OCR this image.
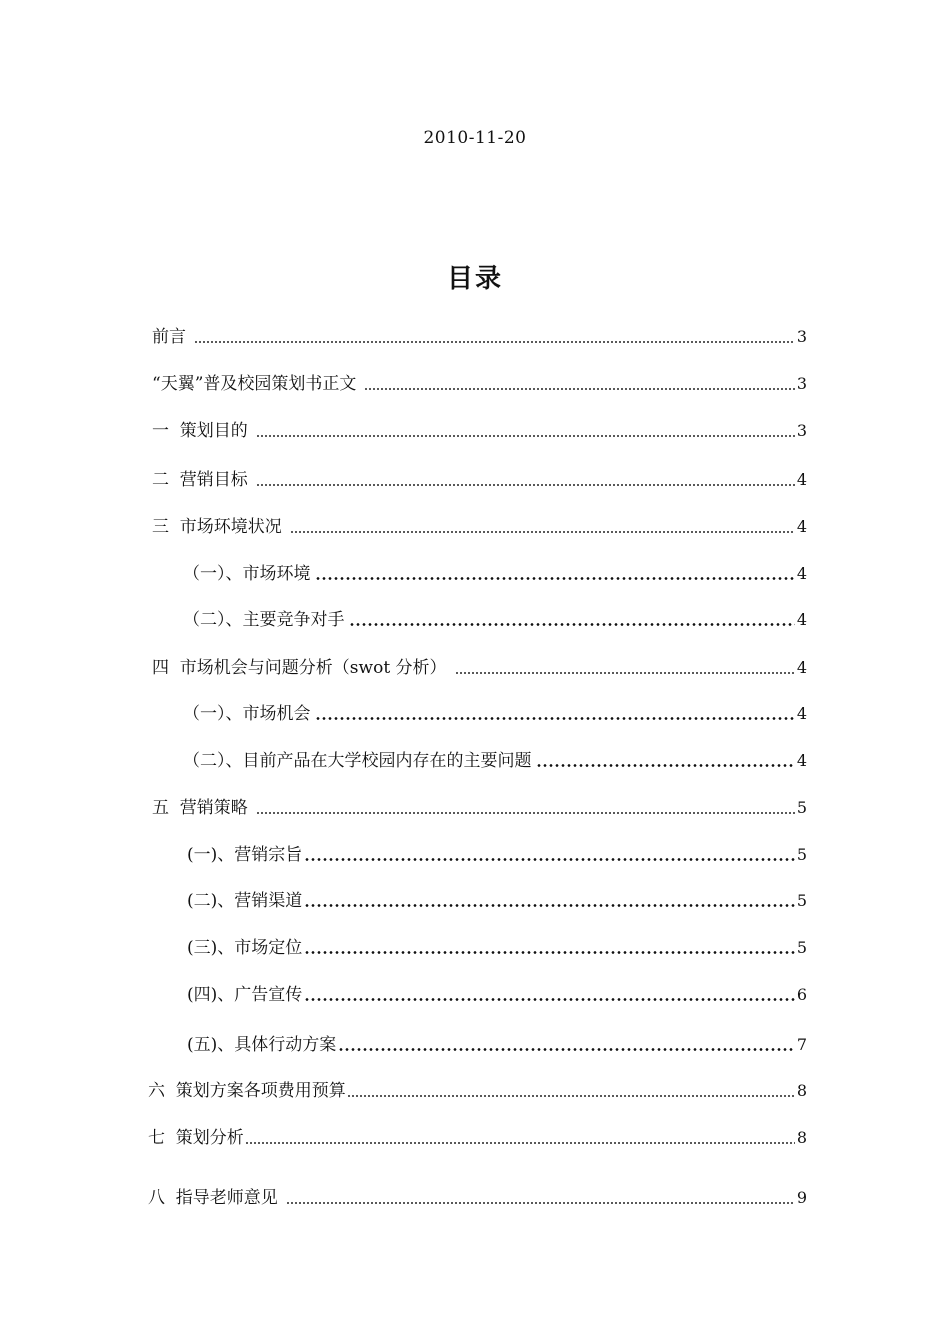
2010-11-20
目录
前言	3
“天翼”普及校园策划书正文	3
一  策划目的	3
二  营销目标	4
三  市场环境状况	4
（一）、市场环境	4
（二）、主要竞争对手	4
四  市场机会与问题分析（swot 分析）	4
（一）、市场机会	4
（二）、目前产品在大学校园内存在的主要问题	4
五  营销策略	5
(一)、营销宗旨	5
(二)、营销渠道	5
(三)、市场定位	5
(四)、广告宣传	6
(五)、具体行动方案	7
六  策划方案各项费用预算	8
七  策划分析	8
八  指导老师意见	9
